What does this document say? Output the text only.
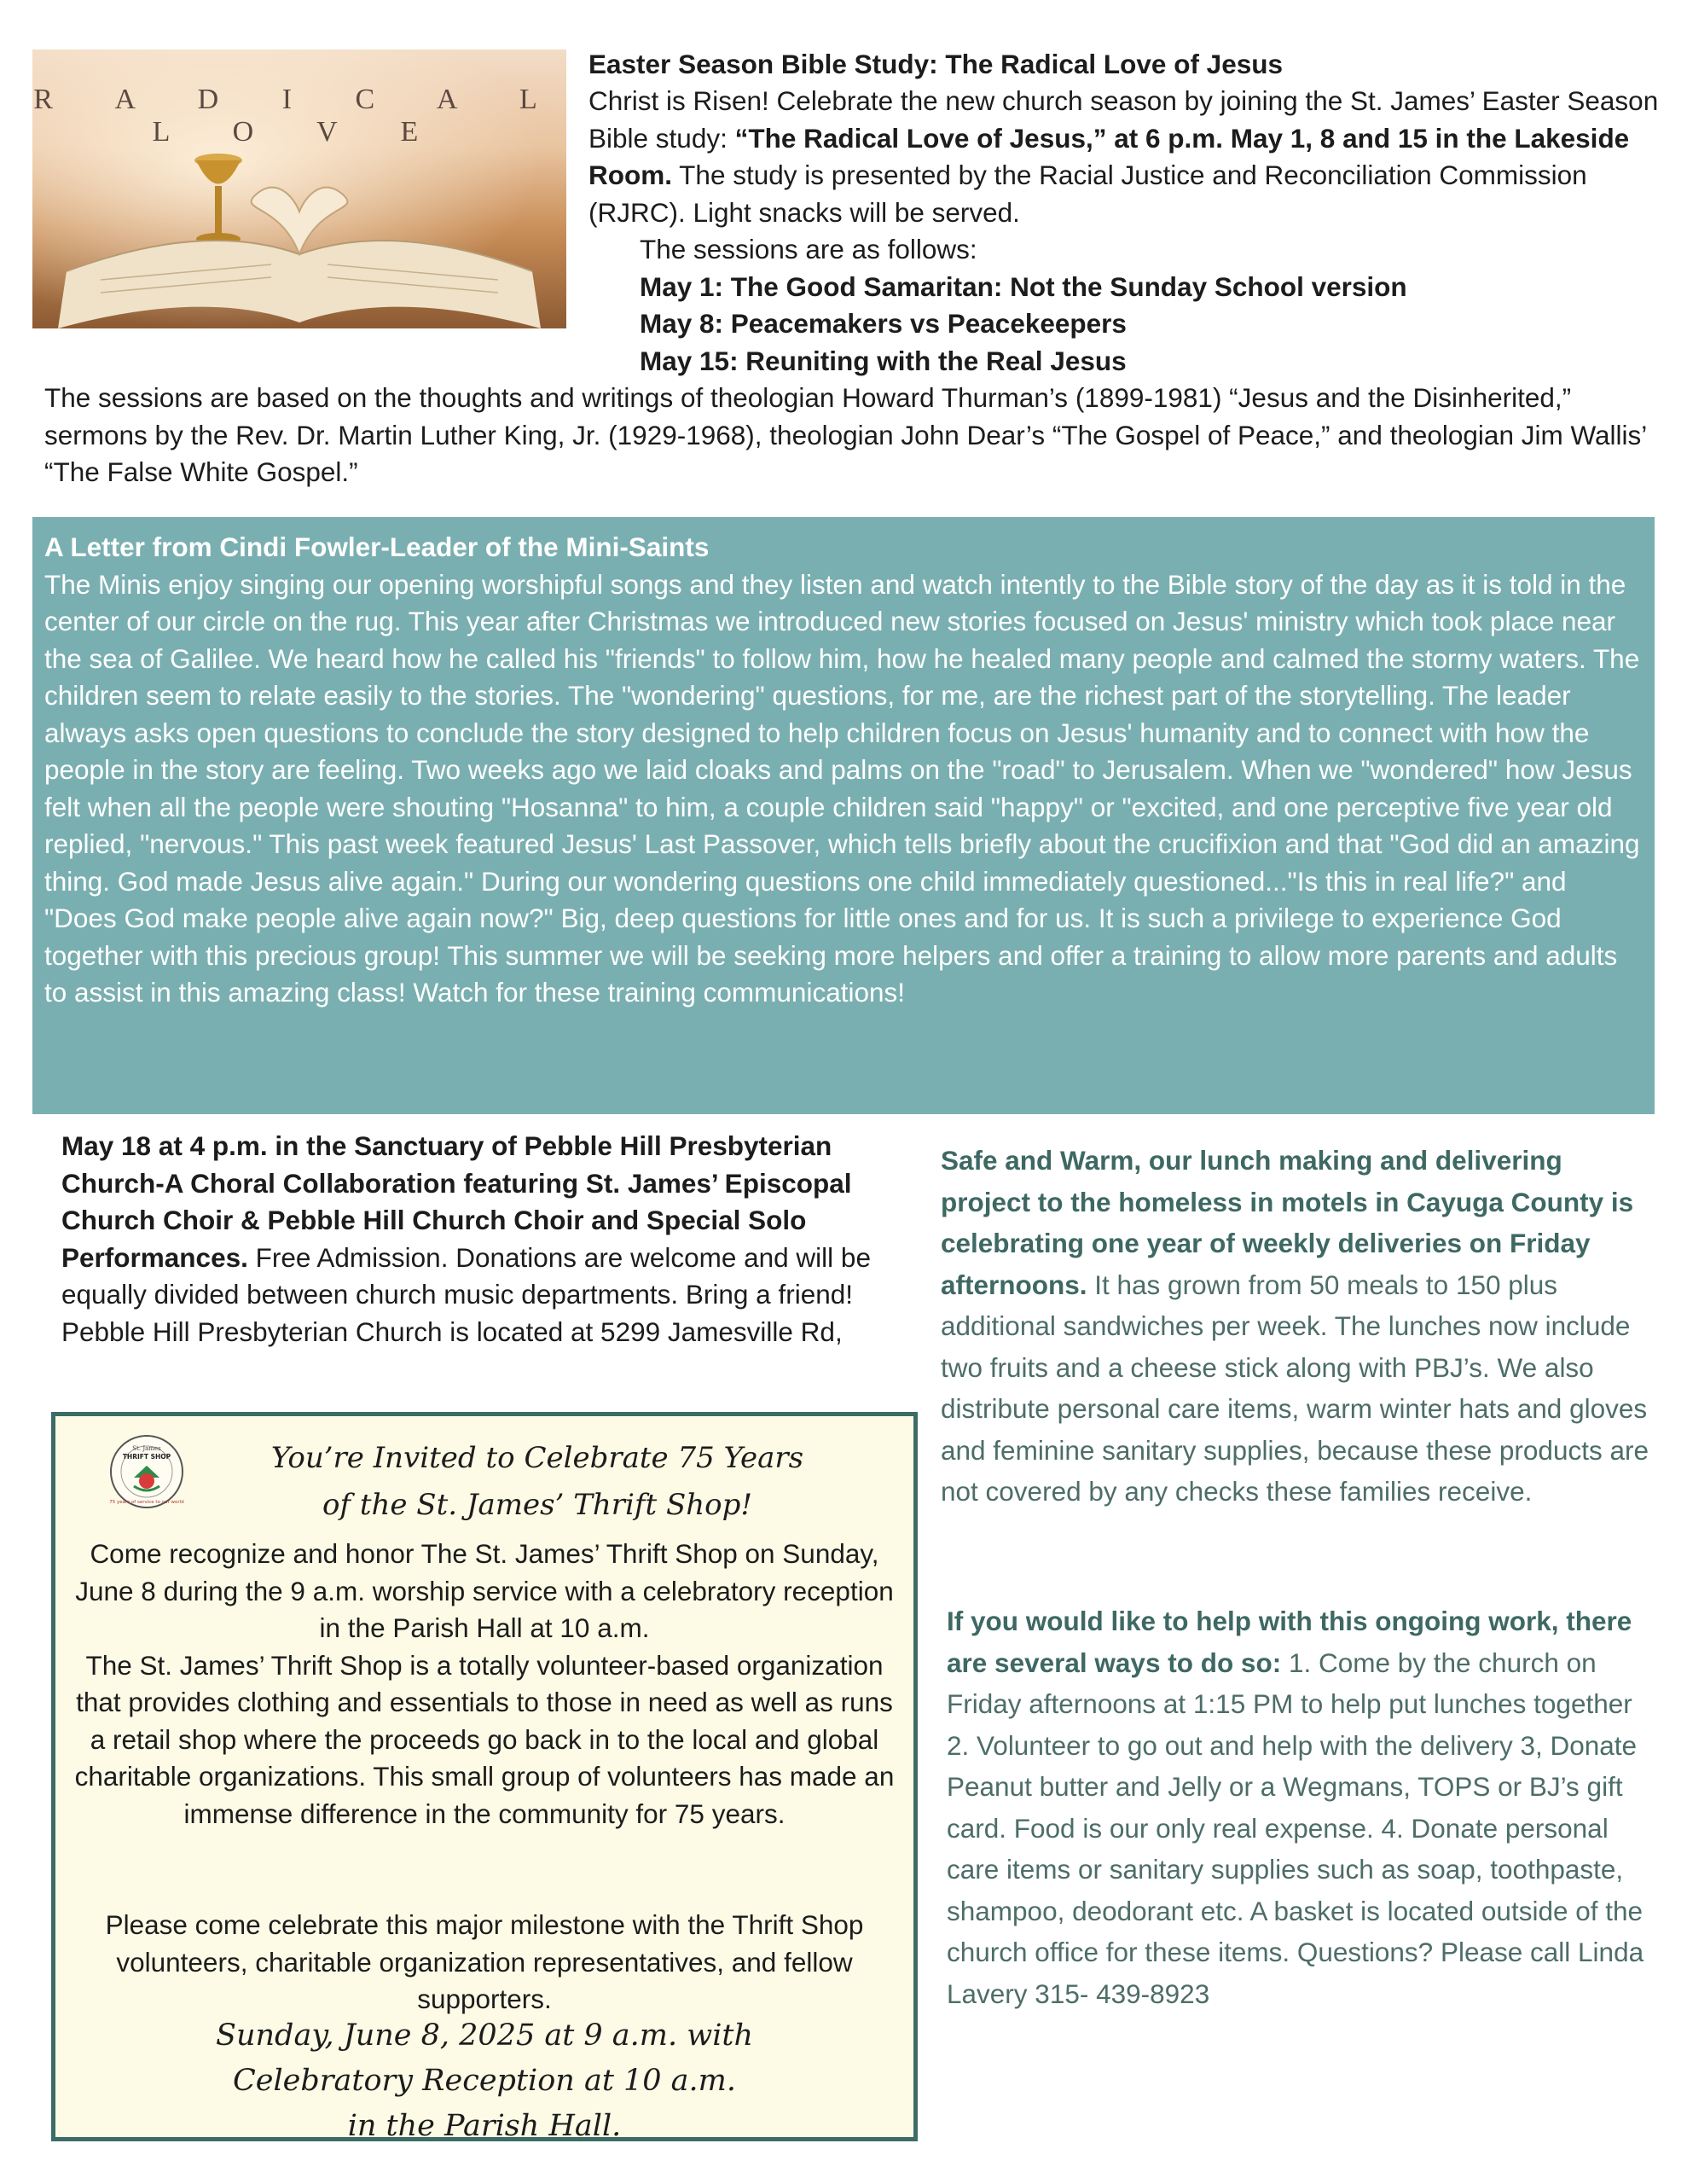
R A D I C A L L O V E
Easter Season Bible Study: The Radical Love of Jesus
Christ is Risen! Celebrate the new church season by joining the St. James’ Easter Season Bible study: “The Radical Love of Jesus,” at 6 p.m. May 1, 8 and 15 in the Lakeside Room. The study is presented by the Racial Justice and Reconciliation Commission (RJRC). Light snacks will be served.
The sessions are as follows:
May 1: The Good Samaritan: Not the Sunday School version
May 8: Peacemakers vs Peacekeepers
May 15: Reuniting with the Real Jesus
The sessions are based on the thoughts and writings of theologian Howard Thurman’s (1899-1981) “Jesus and the Disinherited,” sermons by the Rev. Dr. Martin Luther King, Jr. (1929-1968), theologian John Dear’s “The Gospel of Peace,” and theologian Jim Wallis’ “The False White Gospel.”
A Letter from Cindi Fowler-Leader of the Mini-Saints
The Minis enjoy singing our opening worshipful songs and they listen and watch intently to the Bible story of the day as it is told in the center of our circle on the rug. This year after Christmas we introduced new stories focused on Jesus' ministry which took place near the sea of Galilee. We heard how he called his "friends" to follow him, how he healed many people and calmed the stormy waters. The children seem to relate easily to the stories. The "wondering" questions, for me, are the richest part of the storytelling. The leader always asks open questions to conclude the story designed to help children focus on Jesus' humanity and to connect with how the people in the story are feeling. Two weeks ago we laid cloaks and palms on the "road" to Jerusalem. When we "wondered" how Jesus felt when all the people were shouting "Hosanna" to him, a couple children said "happy" or "excited, and one perceptive five year old replied, "nervous." This past week featured Jesus' Last Passover, which tells briefly about the crucifixion and that "God did an amazing thing. God made Jesus alive again." During our wondering questions one child immediately questioned..."Is this in real life?" and "Does God make people alive again now?" Big, deep questions for little ones and for us. It is such a privilege to experience God together with this precious group! This summer we will be seeking more helpers and offer a training to allow more parents and adults to assist in this amazing class! Watch for these training communications!
May 18 at 4 p.m. in the Sanctuary of Pebble Hill Presbyterian Church-A Choral Collaboration featuring St. James’ Episcopal Church Choir & Pebble Hill Church Choir and Special Solo Performances. Free Admission. Donations are welcome and will be equally divided between church music departments. Bring a friend! Pebble Hill Presbyterian Church is located at 5299 Jamesville Rd,
St. James
THRIFT SHOP
75 years of service to our world
You’re Invited to Celebrate 75 Years
of the St. James’ Thrift Shop!
Come recognize and honor The St. James’ Thrift Shop on Sunday, June 8 during the 9 a.m. worship service with a celebratory reception in the Parish Hall at 10 a.m.
The St. James’ Thrift Shop is a totally volunteer-based organization that provides clothing and essentials to those in need as well as runs a retail shop where the proceeds go back in to the local and global charitable organizations. This small group of volunteers has made an immense difference in the community for 75 years.
Please come celebrate this major milestone with the Thrift Shop volunteers, charitable organization representatives, and fellow supporters.
Sunday, June 8, 2025 at 9 a.m. with
Celebratory Reception at 10 a.m.
in the Parish Hall.
Safe and Warm, our lunch making and delivering project to the homeless in motels in Cayuga County is celebrating one year of weekly deliveries on Friday afternoons. It has grown from 50 meals to 150 plus additional sandwiches per week. The lunches now include two fruits and a cheese stick along with PBJ’s. We also distribute personal care items, warm winter hats and gloves and feminine sanitary supplies, because these products are not covered by any checks these families receive.
If you would like to help with this ongoing work, there are several ways to do so: 1. Come by the church on Friday afternoons at 1:15 PM to help put lunches together 2. Volunteer to go out and help with the delivery 3, Donate Peanut butter and Jelly or a Wegmans, TOPS or BJ’s gift card. Food is our only real expense. 4. Donate personal care items or sanitary supplies such as soap, toothpaste, shampoo, deodorant etc. A basket is located outside of the church office for these items. Questions? Please call Linda Lavery 315- 439-8923
